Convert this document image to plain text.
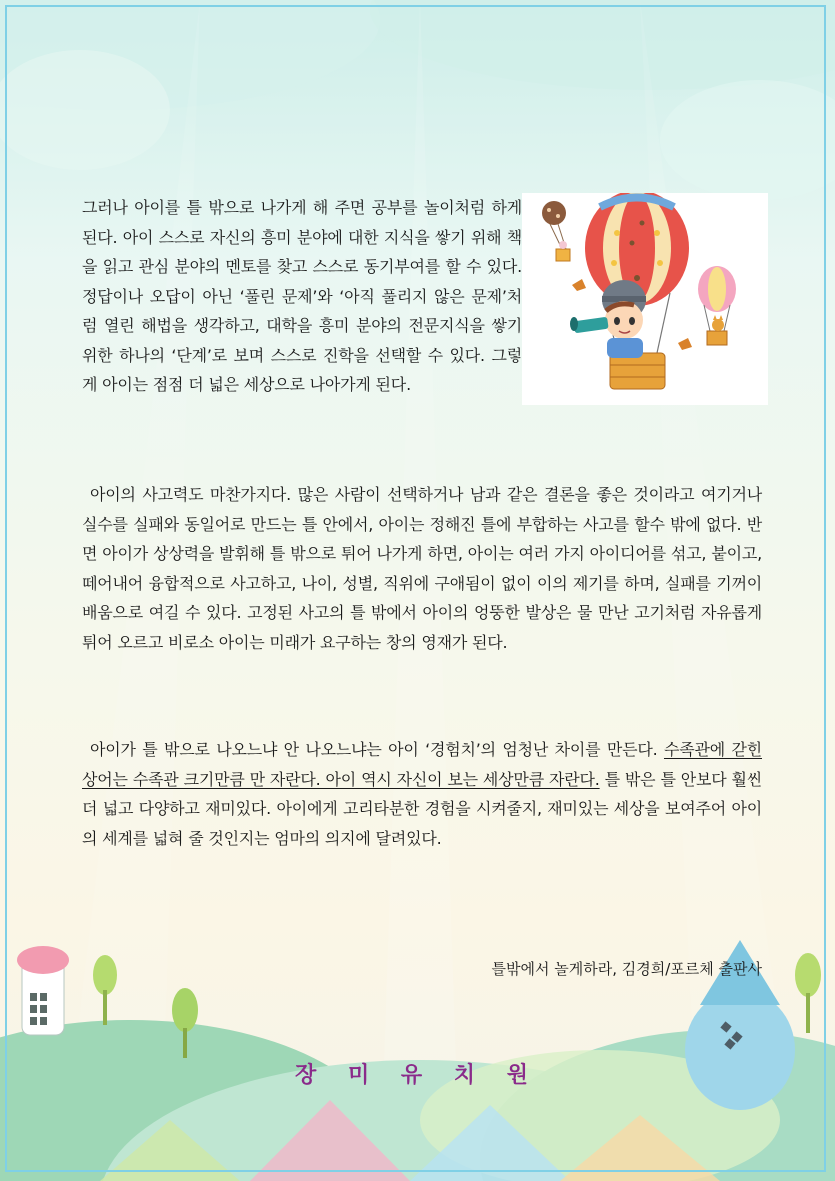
그러나 아이를 틀 밖으로 나가게 해 주면 공부를 놀이처럼 하게 된다. 아이 스스로 자신의 흥미 분야에 대한 지식을 쌓기 위해 책을 읽고 관심 분야의 멘토를 찾고 스스로 동기부여를 할 수 있다. 정답이나 오답이 아닌 ‘풀린 문제’와 ‘아직 풀리지 않은 문제’처럼 열린 해법을 생각하고, 대학을 흥미 분야의 전문지식을 쌓기 위한 하나의 ‘단계’로 보며 스스로 진학을 선택할 수 있다. 그렇게 아이는 점점 더 넓은 세상으로 나아가게 된다.
아이의 사고력도 마찬가지다. 많은 사람이 선택하거나 남과 같은 결론을 좋은 것이라고 여기거나 실수를 실패와 동일어로 만드는 틀 안에서, 아이는 정해진 틀에 부합하는 사고를 할수 밖에 없다. 반면 아이가 상상력을 발휘해 틀 밖으로 튀어 나가게 하면, 아이는 여러 가지 아이디어를 섞고, 붙이고, 떼어내어 융합적으로 사고하고, 나이, 성별, 직위에 구애됨이 없이 이의 제기를 하며, 실패를 기꺼이 배움으로 여길 수 있다. 고정된 사고의 틀 밖에서 아이의 엉뚱한 발상은 물 만난 고기처럼 자유롭게 튀어 오르고 비로소 아이는 미래가 요구하는 창의 영재가 된다.
아이가 틀 밖으로 나오느냐 안 나오느냐는 아이 ‘경험치’의 엄청난 차이를 만든다. 수족관에 갇힌 상어는 수족관 크기만큼 만 자란다. 아이 역시 자신이 보는 세상만큼 자란다. 틀 밖은 틀 안보다 훨씬 더 넓고 다양하고 재미있다. 아이에게 고리타분한 경험을 시켜줄지, 재미있는 세상을 보여주어 아이의 세계를 넓혀 줄 것인지는 엄마의 의지에 달려있다.
틀밖에서 놀게하라, 김경희/포르체 출판사
장 미 유 치 원
